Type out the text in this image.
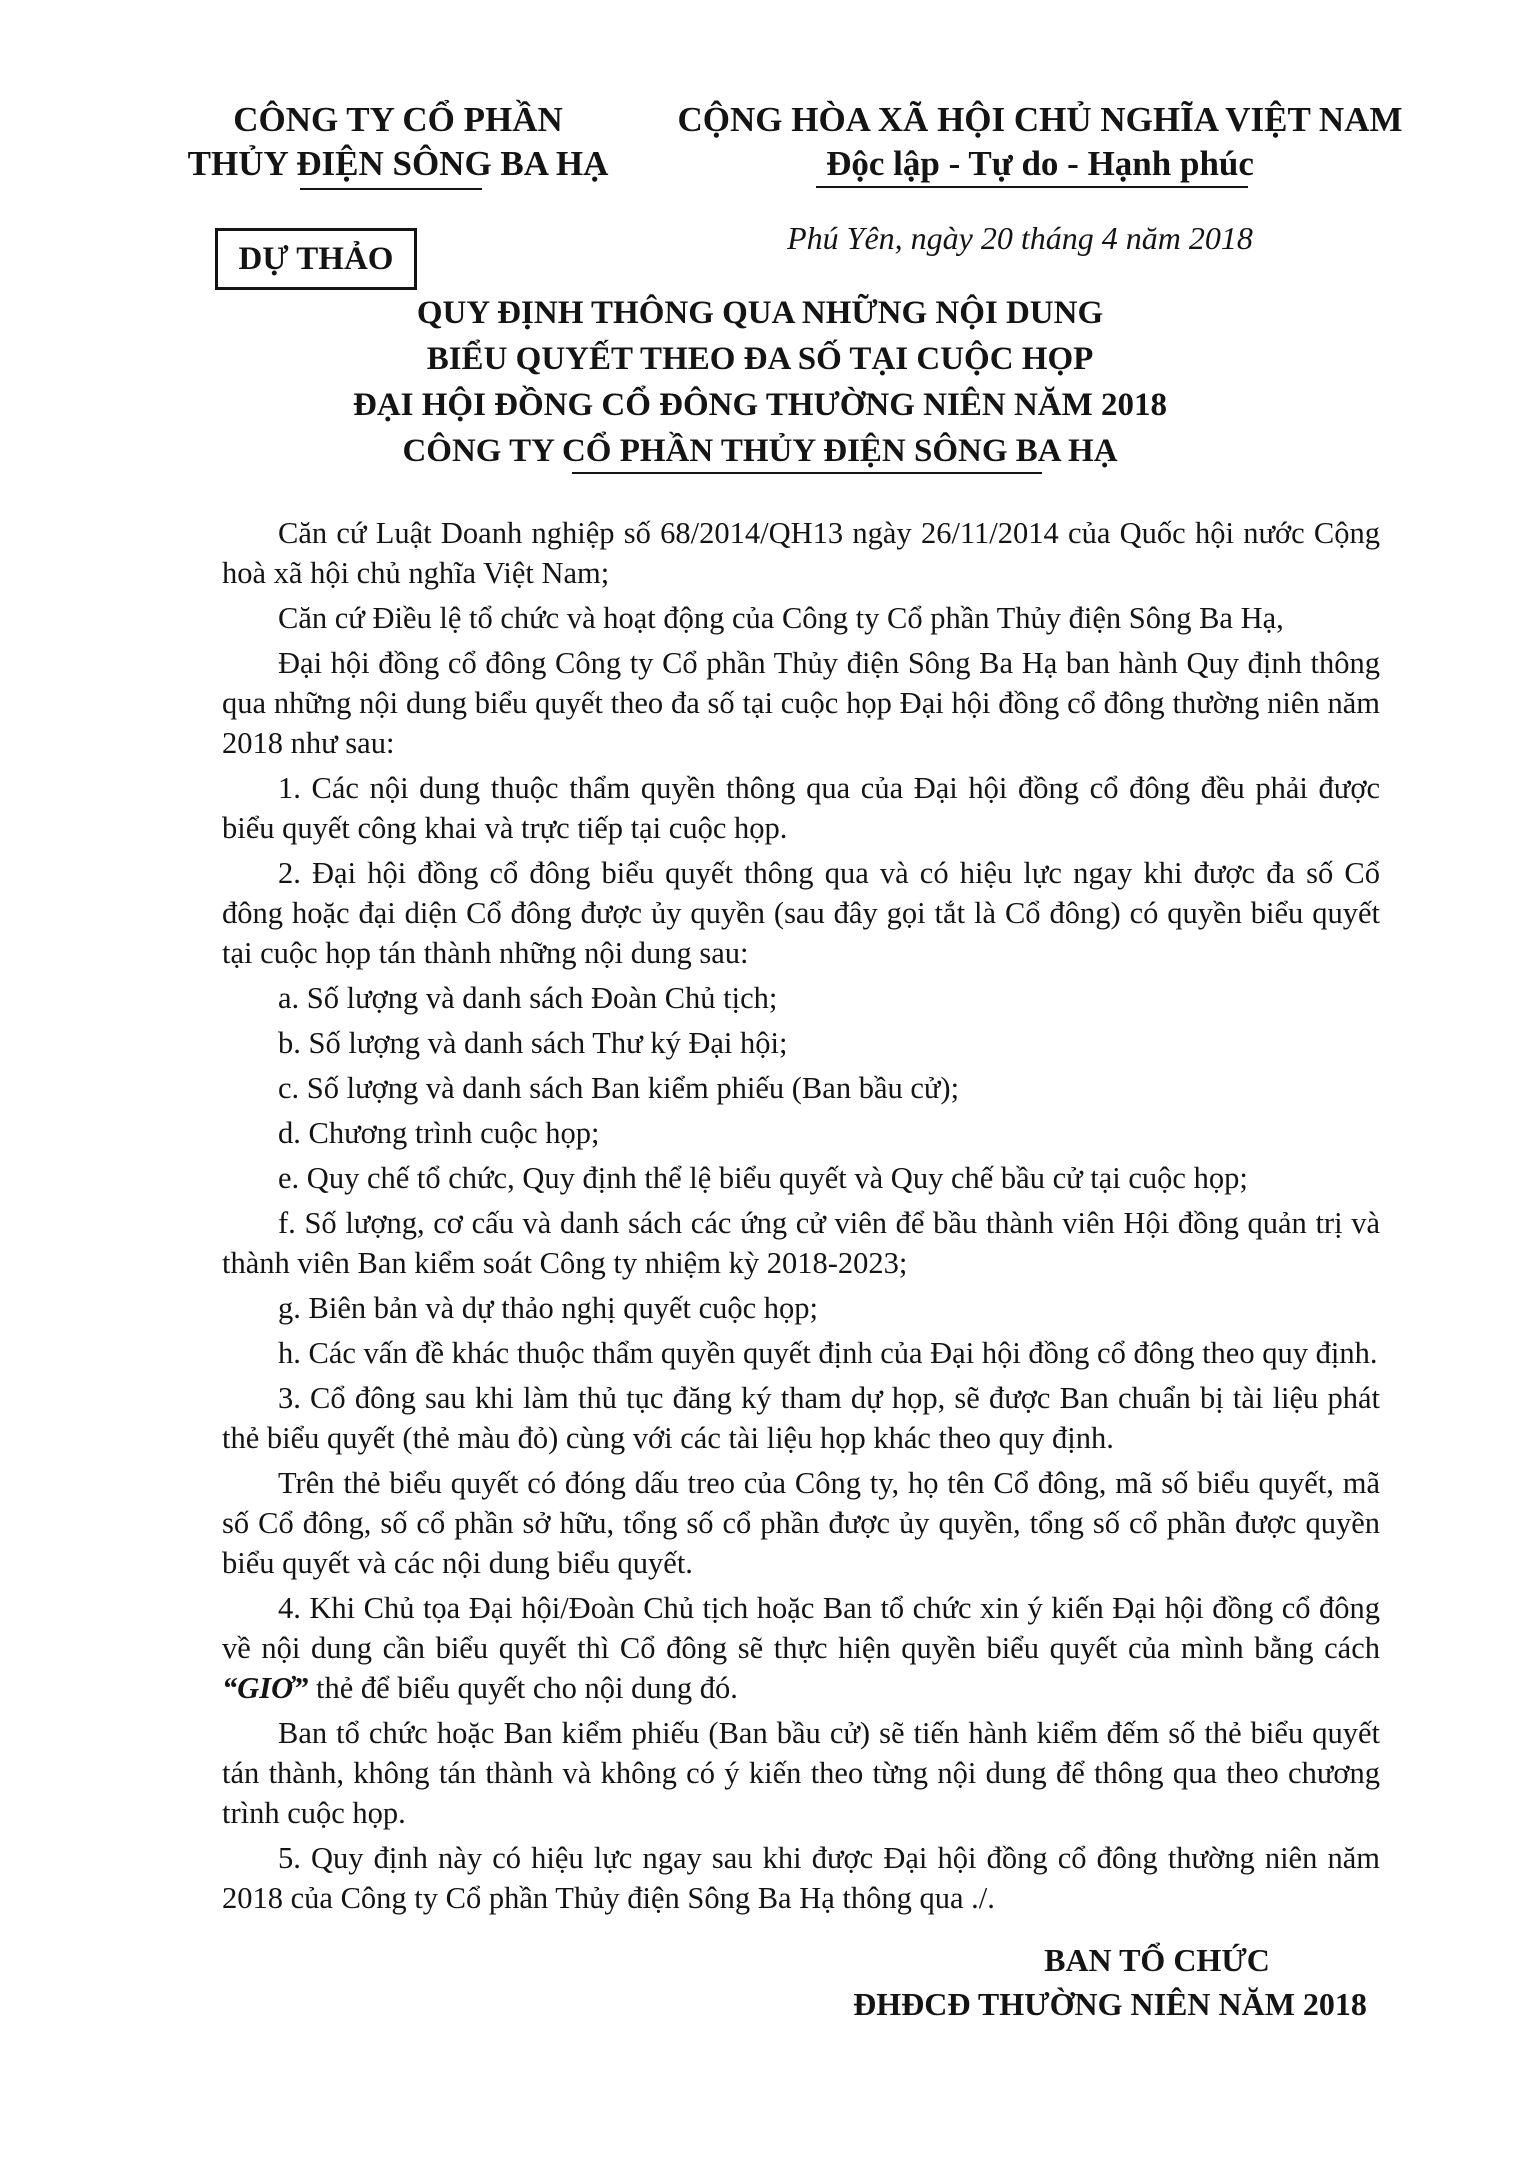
CÔNG TY CỔ PHẦN
THỦY ĐIỆN SÔNG BA HẠ
CỘNG HÒA XÃ HỘI CHỦ NGHĨA VIỆT NAM
Độc lập - Tự do - Hạnh phúc
DỰ THẢO
Phú Yên, ngày 20 tháng 4 năm 2018
QUY ĐỊNH THÔNG QUA NHỮNG NỘI DUNG
BIỂU QUYẾT THEO ĐA SỐ TẠI CUỘC HỌP
ĐẠI HỘI ĐỒNG CỔ ĐÔNG THƯỜNG NIÊN NĂM 2018
CÔNG TY CỔ PHẦN THỦY ĐIỆN SÔNG BA HẠ

Căn cứ Luật Doanh nghiệp số 68/2014/QH13 ngày 26/11/2014 của Quốc hội nước Cộng hoà xã hội chủ nghĩa Việt Nam;

Căn cứ Điều lệ tổ chức và hoạt động của Công ty Cổ phần Thủy điện Sông Ba Hạ,

Đại hội đồng cổ đông Công ty Cổ phần Thủy điện Sông Ba Hạ ban hành Quy định thông qua những nội dung biểu quyết theo đa số tại cuộc họp Đại hội đồng cổ đông thường niên năm 2018 như sau:

1. Các nội dung thuộc thẩm quyền thông qua của Đại hội đồng cổ đông đều phải được biểu quyết công khai và trực tiếp tại cuộc họp.

2. Đại hội đồng cổ đông biểu quyết thông qua và có hiệu lực ngay khi được đa số Cổ đông hoặc đại diện Cổ đông được ủy quyền (sau đây gọi tắt là Cổ đông) có quyền biểu quyết tại cuộc họp tán thành những nội dung sau:

a. Số lượng và danh sách Đoàn Chủ tịch;

b. Số lượng và danh sách Thư ký Đại hội;

c. Số lượng và danh sách Ban kiểm phiếu (Ban bầu cử);

d. Chương trình cuộc họp;

e. Quy chế tổ chức, Quy định thể lệ biểu quyết và Quy chế bầu cử tại cuộc họp;

f. Số lượng, cơ cấu và danh sách các ứng cử viên để bầu thành viên Hội đồng quản trị và thành viên Ban kiểm soát Công ty nhiệm kỳ 2018-2023;

g. Biên bản và dự thảo nghị quyết cuộc họp;

h. Các vấn đề khác thuộc thẩm quyền quyết định của Đại hội đồng cổ đông theo quy định.

3. Cổ đông sau khi làm thủ tục đăng ký tham dự họp, sẽ được Ban chuẩn bị tài liệu phát thẻ biểu quyết (thẻ màu đỏ) cùng với các tài liệu họp khác theo quy định.

Trên thẻ biểu quyết có đóng dấu treo của Công ty, họ tên Cổ đông, mã số biểu quyết, mã số Cổ đông, số cổ phần sở hữu, tổng số cổ phần được ủy quyền, tổng số cổ phần được quyền biểu quyết và các nội dung biểu quyết.

4. Khi Chủ tọa Đại hội/Đoàn Chủ tịch hoặc Ban tổ chức xin ý kiến Đại hội đồng cổ đông về nội dung cần biểu quyết thì Cổ đông sẽ thực hiện quyền biểu quyết của mình bằng cách “GIƠ” thẻ để biểu quyết cho nội dung đó.

Ban tổ chức hoặc Ban kiểm phiếu (Ban bầu cử) sẽ tiến hành kiểm đếm số thẻ biểu quyết tán thành, không tán thành và không có ý kiến theo từng nội dung để thông qua theo chương trình cuộc họp.

5. Quy định này có hiệu lực ngay sau khi được Đại hội đồng cổ đông thường niên năm 2018 của Công ty Cổ phần Thủy điện Sông Ba Hạ thông qua ./.

BAN TỔ CHỨC
ĐHĐCĐ THƯỜNG NIÊN NĂM 2018
